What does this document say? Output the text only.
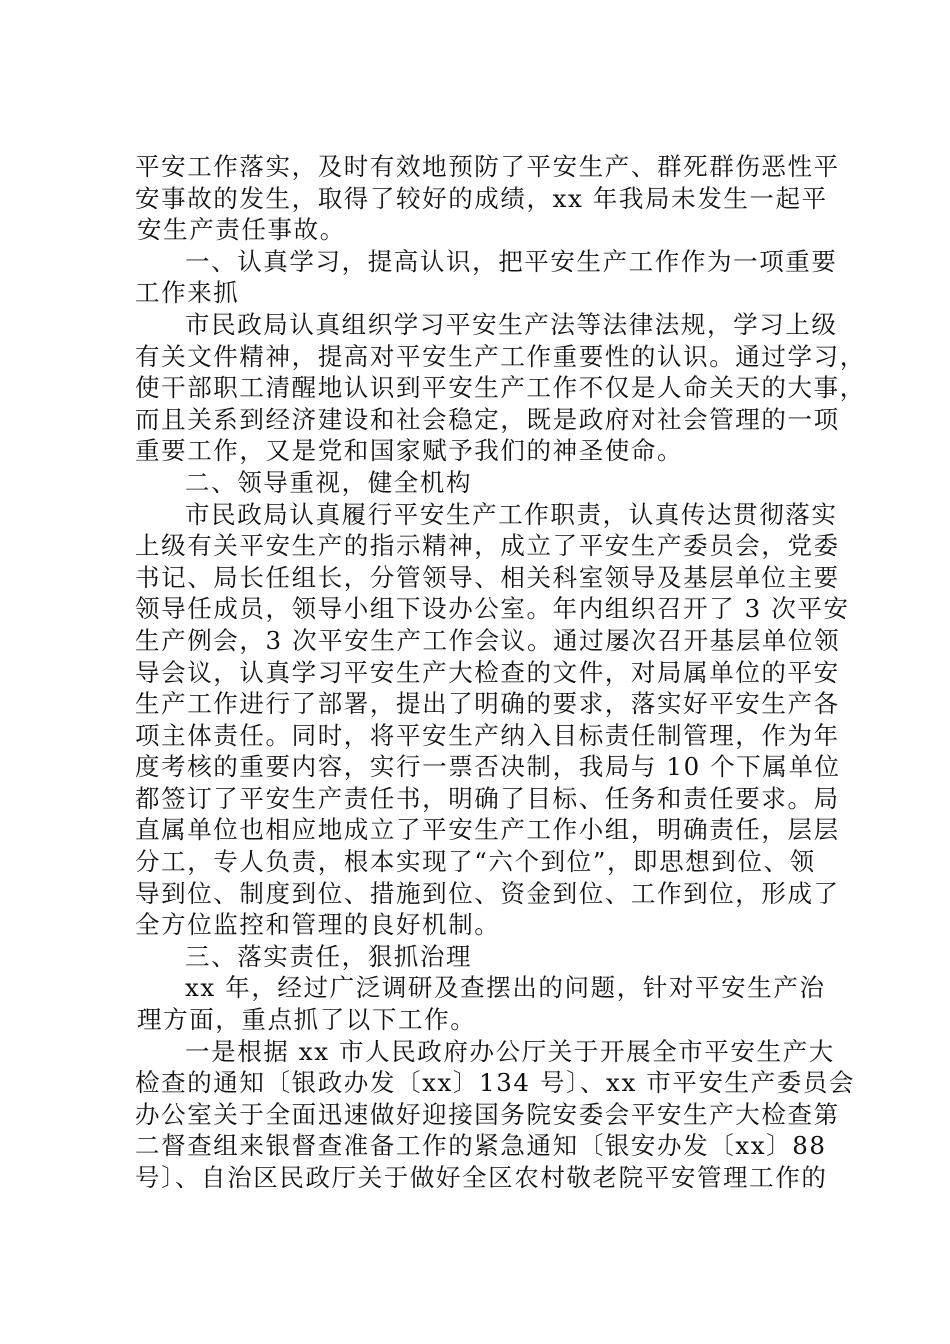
平安工作落实，及时有效地预防了平安生产、群死群伤恶性平
安事故的发生，取得了较好的成绩，xx 年我局未发生一起平
安生产责任事故。
一、认真学习，提高认识，把平安生产工作作为一项重要
工作来抓
市民政局认真组织学习平安生产法等法律法规，学习上级
有关文件精神，提高对平安生产工作重要性的认识。通过学习，
使干部职工清醒地认识到平安生产工作不仅是人命关天的大事，
而且关系到经济建设和社会稳定，既是政府对社会管理的一项
重要工作，又是党和国家赋予我们的神圣使命。
二、领导重视，健全机构
市民政局认真履行平安生产工作职责，认真传达贯彻落实
上级有关平安生产的指示精神，成立了平安生产委员会，党委
书记、局长任组长，分管领导、相关科室领导及基层单位主要
领导任成员，领导小组下设办公室。年内组织召开了 3 次平安
生产例会，3 次平安生产工作会议。通过屡次召开基层单位领
导会议，认真学习平安生产大检查的文件，对局属单位的平安
生产工作进行了部署，提出了明确的要求，落实好平安生产各
项主体责任。同时，将平安生产纳入目标责任制管理，作为年
度考核的重要内容，实行一票否决制，我局与 10 个下属单位
都签订了平安生产责任书，明确了目标、任务和责任要求。局
直属单位也相应地成立了平安生产工作小组，明确责任，层层
分工，专人负责，根本实现了“六个到位”，即思想到位、领
导到位、制度到位、措施到位、资金到位、工作到位，形成了
全方位监控和管理的良好机制。
三、落实责任，狠抓治理
xx 年，经过广泛调研及查摆出的问题，针对平安生产治
理方面，重点抓了以下工作。
一是根据 xx 市人民政府办公厅关于开展全市平安生产大
检查的通知〔银政办发〔xx〕134 号〕、xx 市平安生产委员会
办公室关于全面迅速做好迎接国务院安委会平安生产大检查第
二督查组来银督查准备工作的紧急通知〔银安办发〔xx〕88
号〕、自治区民政厅关于做好全区农村敬老院平安管理工作的
